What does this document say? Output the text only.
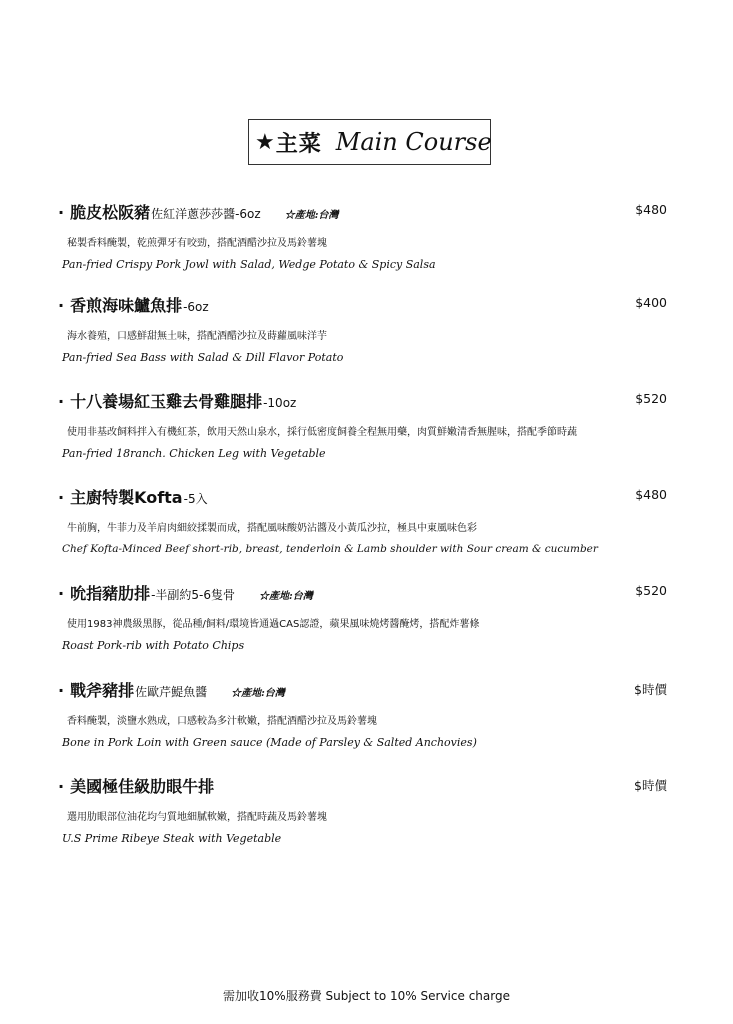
★ 主菜 Main Course
· 脆皮松阪豬 佐紅洋蔥莎莎醬-6oz ☆產地:台灣	$480
秘製香料醃製，乾煎彈牙有咬勁，搭配酒醋沙拉及馬鈴薯塊
Pan-fried Crispy Pork Jowl with Salad, Wedge Potato & Spicy Salsa
· 香煎海味鱸魚排 -6oz	$400
海水養殖，口感鮮甜無土味，搭配酒醋沙拉及蒔蘿風味洋芋
Pan-fried Sea Bass with Salad & Dill Flavor Potato
· 十八養場紅玉雞去骨雞腿排 -10oz	$520
使用非基改飼料拌入有機紅茶，飲用天然山泉水，採行低密度飼養全程無用藥，肉質鮮嫩清香無腥味，搭配季節時蔬
Pan-fried 18ranch. Chicken Leg with Vegetable
· 主廚特製Kofta -5入	$480
牛前胸，牛菲力及羊肩肉細絞揉製而成，搭配風味酸奶沾醬及小黃瓜沙拉，極具中東風味色彩
Chef Kofta-Minced Beef short-rib, breast, tenderloin & Lamb shoulder with Sour cream & cucumber
· 吮指豬肋排 -半副約5-6隻骨 ☆產地:台灣	$520
使用1983神農級黑豚，從品種/飼料/環境皆通過CAS認證，蘋果風味燒烤醬醃烤，搭配炸薯條
Roast Pork-rib with Potato Chips
· 戰斧豬排 佐歐芹鯷魚醬 ☆產地:台灣	$時價
香料醃製，淡鹽水熟成，口感較為多汁軟嫩，搭配酒醋沙拉及馬鈴薯塊
Bone in Pork Loin with Green sauce (Made of Parsley & Salted Anchovies)
· 美國極佳級肋眼牛排	$時價
選用肋眼部位油花均勻質地細膩軟嫩，搭配時蔬及馬鈴薯塊
U.S Prime Ribeye Steak with Vegetable
需加收10%服務費 Subject to 10% Service charge
